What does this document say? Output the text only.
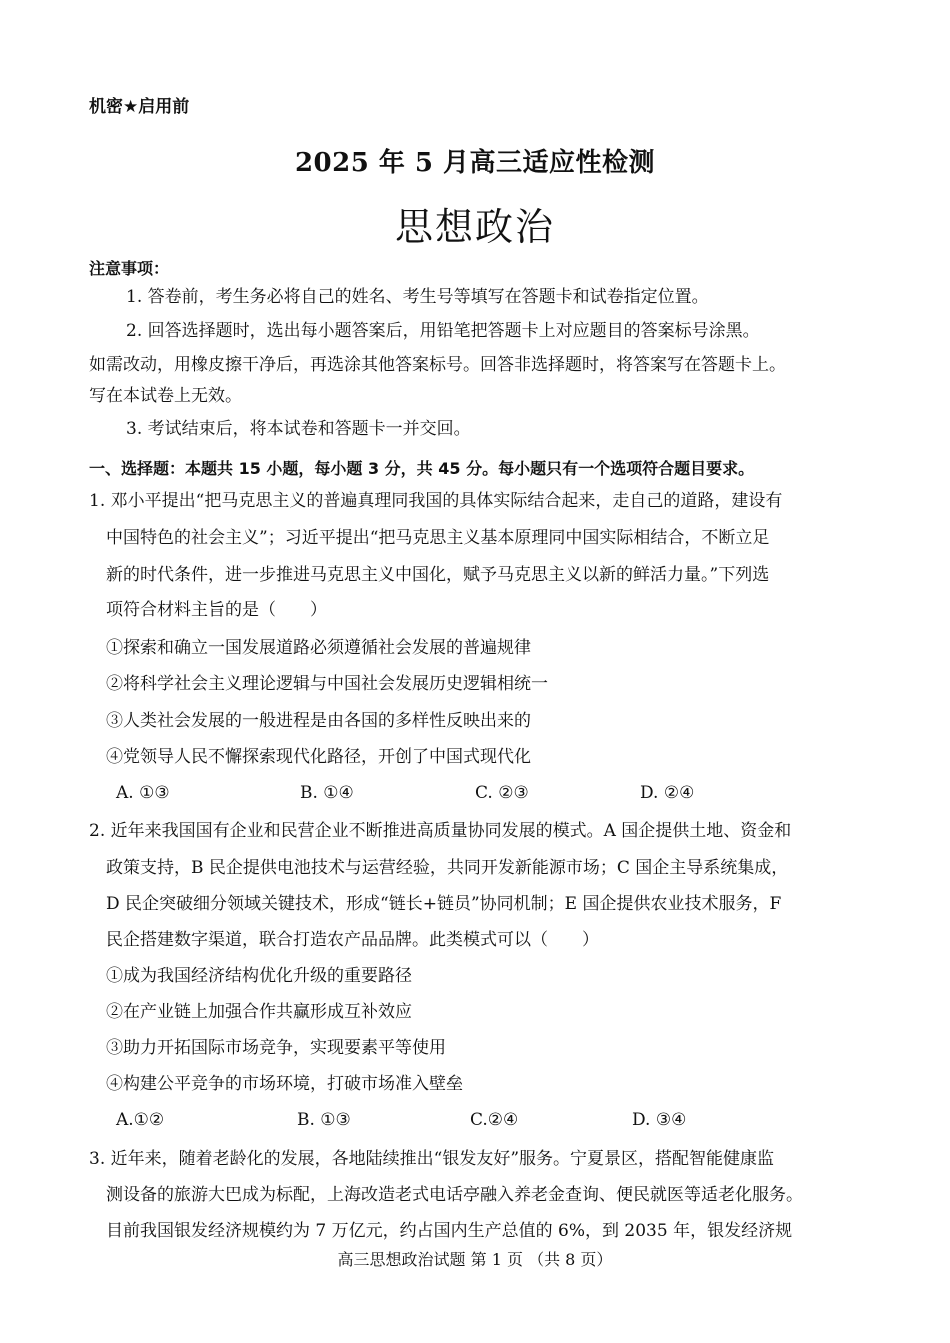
机密★启用前
2025 年 5 月高三适应性检测
思想政治
注意事项：
1. 答卷前，考生务必将自己的姓名、考生号等填写在答题卡和试卷指定位置。
2. 回答选择题时，选出每小题答案后，用铅笔把答题卡上对应题目的答案标号涂黑。
如需改动，用橡皮擦干净后，再选涂其他答案标号。回答非选择题时，将答案写在答题卡上。
写在本试卷上无效。
3. 考试结束后，将本试卷和答题卡一并交回。
一、选择题：本题共 15 小题，每小题 3 分，共 45 分。每小题只有一个选项符合题目要求。
1. 邓小平提出“把马克思主义的普遍真理同我国的具体实际结合起来，走自己的道路，建设有
中国特色的社会主义”；习近平提出“把马克思主义基本原理同中国实际相结合，不断立足
新的时代条件，进一步推进马克思主义中国化，赋予马克思主义以新的鲜活力量。”下列选
项符合材料主旨的是（　　）
①探索和确立一国发展道路必须遵循社会发展的普遍规律
②将科学社会主义理论逻辑与中国社会发展历史逻辑相统一
③人类社会发展的一般进程是由各国的多样性反映出来的
④党领导人民不懈探索现代化路径，开创了中国式现代化
A. ①③	B. ①④	C. ②③	D. ②④
2. 近年来我国国有企业和民营企业不断推进高质量协同发展的模式。A 国企提供土地、资金和
政策支持，B 民企提供电池技术与运营经验，共同开发新能源市场；C 国企主导系统集成，
D 民企突破细分领域关键技术，形成“链长+链员”协同机制；E 国企提供农业技术服务，F
民企搭建数字渠道，联合打造农产品品牌。此类模式可以（　　）
①成为我国经济结构优化升级的重要路径
②在产业链上加强合作共赢形成互补效应
③助力开拓国际市场竞争，实现要素平等使用
④构建公平竞争的市场环境，打破市场准入壁垒
A.①②	B. ①③	C.②④	D. ③④
3. 近年来，随着老龄化的发展，各地陆续推出“银发友好”服务。宁夏景区，搭配智能健康监
测设备的旅游大巴成为标配，上海改造老式电话亭融入养老金查询、便民就医等适老化服务。
目前我国银发经济规模约为 7 万亿元，约占国内生产总值的 6%，到 2035 年，银发经济规
高三思想政治试题 第 1 页 （共 8 页）
